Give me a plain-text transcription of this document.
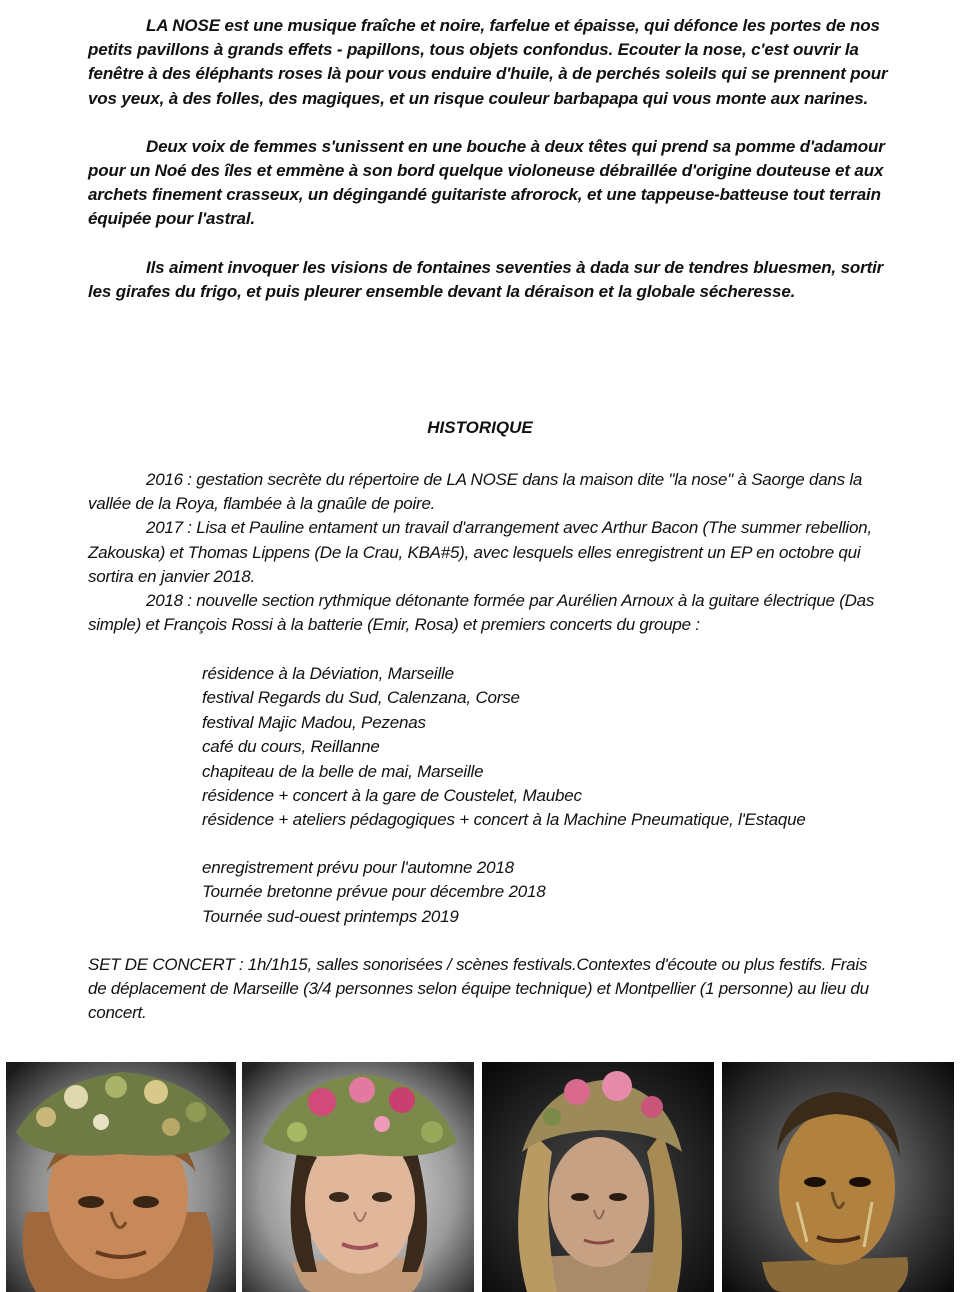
LA NOSE est une musique fraîche et noire, farfelue et épaisse, qui défonce les portes de nos petits pavillons à grands effets - papillons, tous objets confondus. Ecouter la nose, c'est ouvrir la fenêtre à des éléphants roses là pour vous enduire d'huile, à de perchés soleils qui se prennent pour vos yeux, à des folles, des magiques, et un risque couleur barbapapa qui vous monte aux narines.

Deux voix de femmes s'unissent en une bouche à deux têtes qui prend sa pomme d'adamour pour un Noé des îles et emmène à son bord quelque violoneuse débraillée d'origine douteuse et aux archets finement crasseux, un dégingandé guitariste afrorock, et une tappeuse-batteuse tout terrain équipée pour l'astral.

Ils aiment invoquer les visions de fontaines seventies à dada sur de tendres bluesmen, sortir les girafes du frigo, et puis pleurer ensemble devant la déraison et la globale sécheresse.

HISTORIQUE

2016 : gestation secrète du répertoire de LA NOSE dans la maison dite "la nose" à Saorge dans la vallée de la Roya, flambée à la gnaûle de poire.

2017 : Lisa et Pauline entament un travail d'arrangement avec Arthur Bacon (The summer rebellion, Zakouska) et Thomas Lippens (De la Crau, KBA#5), avec lesquels elles enregistrent un EP en octobre qui sortira en janvier 2018.

2018 : nouvelle section rythmique détonante formée par Aurélien Arnoux à la guitare électrique (Das simple) et François Rossi à la batterie (Emir, Rosa) et premiers concerts du groupe :

résidence à la Déviation, Marseille
festival Regards du Sud, Calenzana, Corse
festival Majic Madou, Pezenas
café du cours, Reillanne
chapiteau de la belle de mai, Marseille
résidence + concert à la gare de Coustelet, Maubec
résidence + ateliers pédagogiques + concert à la Machine Pneumatique, l'Estaque
enregistrement prévu pour l'automne 2018
Tournée bretonne prévue pour décembre 2018
Tournée sud-ouest printemps 2019

SET DE CONCERT : 1h/1h15, salles sonorisées / scènes festivals.Contextes d'écoute ou plus festifs. Frais de déplacement de Marseille (3/4 personnes selon équipe technique) et Montpellier (1 personne) au lieu du concert.
